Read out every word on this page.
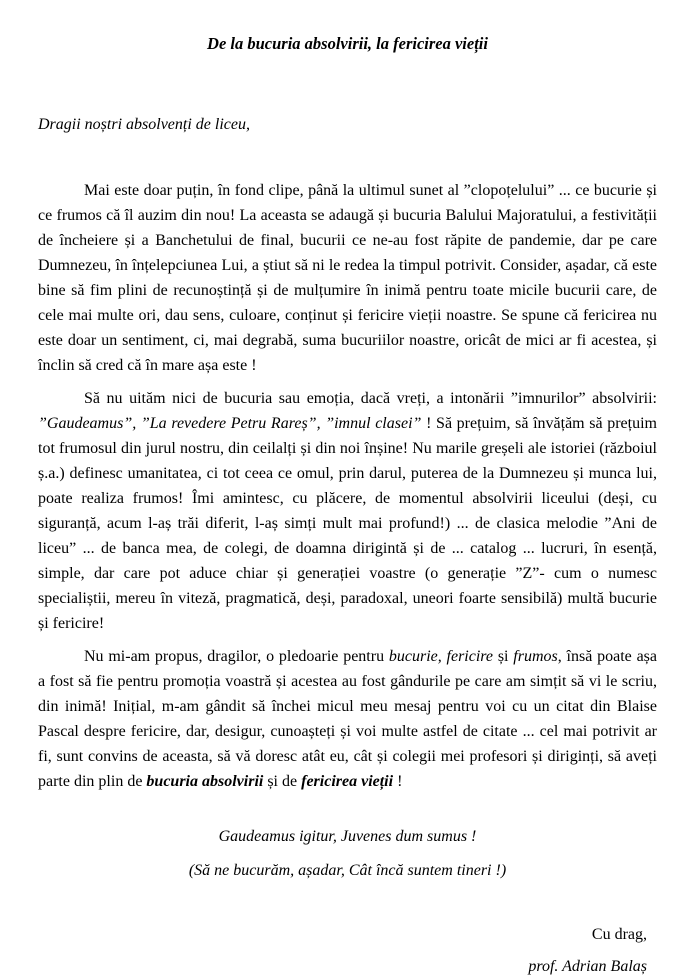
De la bucuria absolvirii, la fericirea vieții

Dragii noștri absolvenți de liceu,

Mai este doar puțin, în fond clipe, până la ultimul sunet al ”clopoțelului” ... ce bucurie și ce frumos că îl auzim din nou! La aceasta se adaugă și bucuria Balului Majoratului, a festivității de încheiere și a Banchetului de final, bucurii ce ne-au fost răpite de pandemie, dar pe care Dumnezeu, în înțelepciunea Lui, a știut să ni le redea la timpul potrivit. Consider, așadar, că este bine să fim plini de recunoștință și de mulțumire în inimă pentru toate micile bucurii care, de cele mai multe ori, dau sens, culoare, conținut și fericire vieții noastre. Se spune că fericirea nu este doar un sentiment, ci, mai degrabă, suma bucuriilor noastre, oricât de mici ar fi acestea, și înclin să cred că în mare așa este !

Să nu uităm nici de bucuria sau emoția, dacă vreți, a intonării ”imnurilor” absolvirii: ”Gaudeamus”, ”La revedere Petru Rareș”, ”imnul clasei” ! Să prețuim, să învățăm să prețuim tot frumosul din jurul nostru, din ceilalți și din noi înșine! Nu marile greșeli ale istoriei (războiul ș.a.) definesc umanitatea, ci tot ceea ce omul, prin darul, puterea de la Dumnezeu și munca lui, poate realiza frumos! Îmi amintesc, cu plăcere, de momentul absolvirii liceului (deși, cu siguranță, acum l-aș trăi diferit, l-aș simți mult mai profund!) ... de clasica melodie ”Ani de liceu” ... de banca mea, de colegi, de doamna dirigintă și de ... catalog ... lucruri, în esență, simple, dar care pot aduce chiar și generației voastre (o generație ”Z”- cum o numesc specialiștii, mereu în viteză, pragmatică, deși, paradoxal, uneori foarte sensibilă) multă bucurie și fericire!

Nu mi-am propus, dragilor, o pledoarie pentru bucurie, fericire și frumos, însă poate așa a fost să fie pentru promoția voastră și acestea au fost gândurile pe care am simțit să vi le scriu, din inimă! Inițial, m-am gândit să închei micul meu mesaj pentru voi cu un citat din Blaise Pascal despre fericire, dar, desigur, cunoașteți și voi multe astfel de citate ... cel mai potrivit ar fi, sunt convins de aceasta, să vă doresc atât eu, cât și colegii mei profesori și diriginți, să aveți parte din plin de bucuria absolvirii și de fericirea vieții !

Gaudeamus igitur, Juvenes dum sumus !

(Să ne bucurăm, așadar, Cât încă suntem tineri !)

Cu drag,

prof. Adrian Balaș
